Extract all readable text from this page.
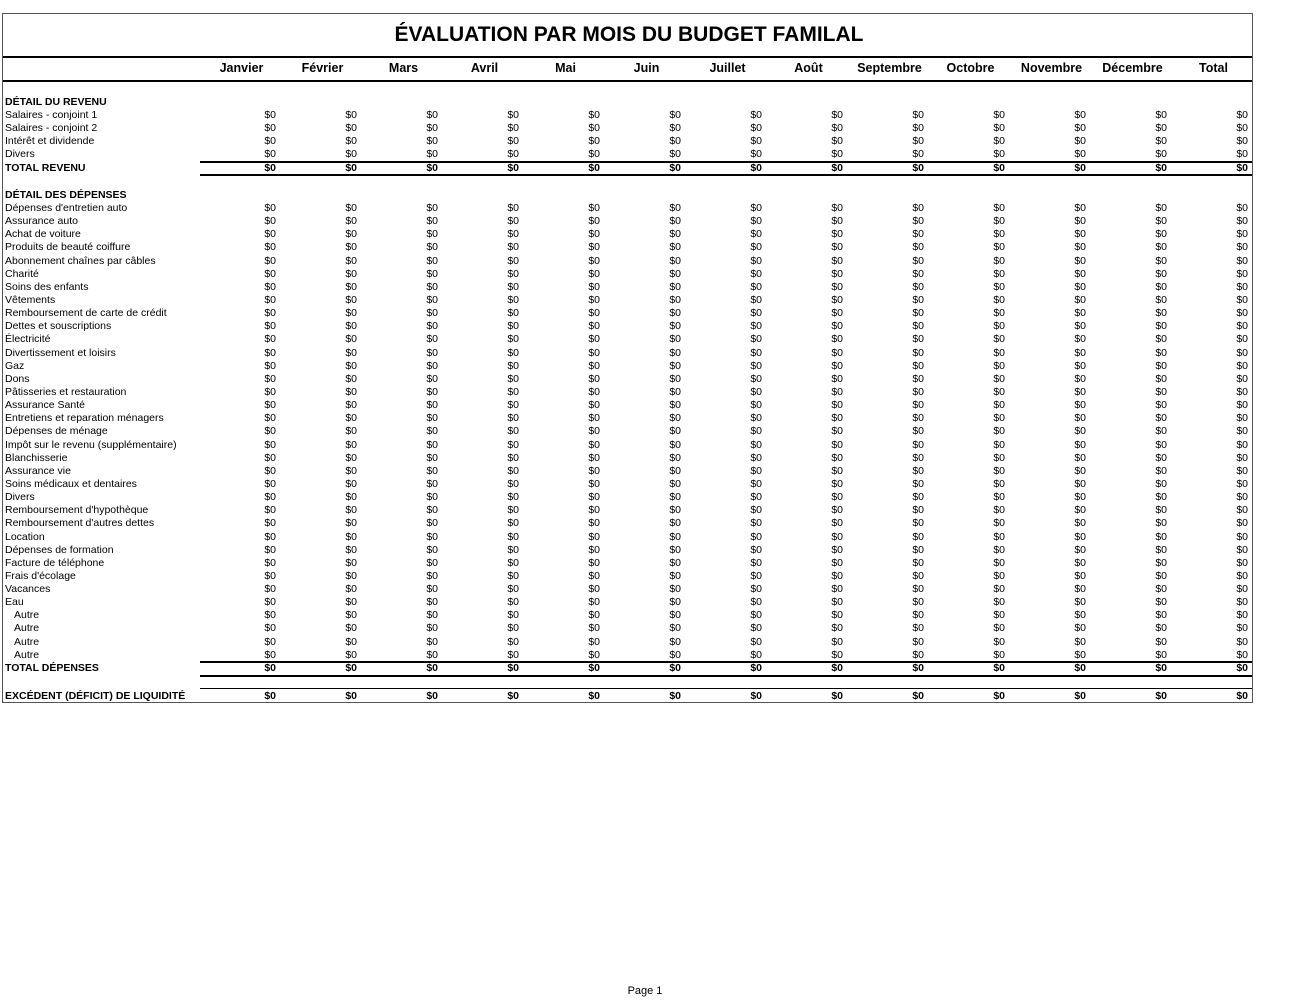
ÉVALUATION PAR MOIS DU BUDGET FAMILAL
Janvier	Février	Mars	Avril	Mai	Juin	Juillet	Août	Septembre	Octobre	Novembre	Décembre	Total
DÉTAIL DU REVENU
Salaires - conjoint 1	$0	$0	$0	$0	$0	$0	$0	$0	$0	$0	$0	$0	$0
Salaires - conjoint 2	$0	$0	$0	$0	$0	$0	$0	$0	$0	$0	$0	$0	$0
Intérêt et dividende	$0	$0	$0	$0	$0	$0	$0	$0	$0	$0	$0	$0	$0
Divers	$0	$0	$0	$0	$0	$0	$0	$0	$0	$0	$0	$0	$0
TOTAL REVENU	$0	$0	$0	$0	$0	$0	$0	$0	$0	$0	$0	$0	$0
DÉTAIL DES DÉPENSES
Dépenses d'entretien auto	$0	$0	$0	$0	$0	$0	$0	$0	$0	$0	$0	$0	$0
Assurance auto	$0	$0	$0	$0	$0	$0	$0	$0	$0	$0	$0	$0	$0
Achat de voiture	$0	$0	$0	$0	$0	$0	$0	$0	$0	$0	$0	$0	$0
Produits de beauté coiffure	$0	$0	$0	$0	$0	$0	$0	$0	$0	$0	$0	$0	$0
Abonnement chaînes par câbles	$0	$0	$0	$0	$0	$0	$0	$0	$0	$0	$0	$0	$0
Charité	$0	$0	$0	$0	$0	$0	$0	$0	$0	$0	$0	$0	$0
Soins des enfants	$0	$0	$0	$0	$0	$0	$0	$0	$0	$0	$0	$0	$0
Vêtements	$0	$0	$0	$0	$0	$0	$0	$0	$0	$0	$0	$0	$0
Remboursement de carte de crédit	$0	$0	$0	$0	$0	$0	$0	$0	$0	$0	$0	$0	$0
Dettes et souscriptions	$0	$0	$0	$0	$0	$0	$0	$0	$0	$0	$0	$0	$0
Électricité	$0	$0	$0	$0	$0	$0	$0	$0	$0	$0	$0	$0	$0
Divertissement et loisirs	$0	$0	$0	$0	$0	$0	$0	$0	$0	$0	$0	$0	$0
Gaz	$0	$0	$0	$0	$0	$0	$0	$0	$0	$0	$0	$0	$0
Dons	$0	$0	$0	$0	$0	$0	$0	$0	$0	$0	$0	$0	$0
Pâtisseries et restauration	$0	$0	$0	$0	$0	$0	$0	$0	$0	$0	$0	$0	$0
Assurance Santé	$0	$0	$0	$0	$0	$0	$0	$0	$0	$0	$0	$0	$0
Entretiens et reparation ménagers	$0	$0	$0	$0	$0	$0	$0	$0	$0	$0	$0	$0	$0
Dépenses de ménage	$0	$0	$0	$0	$0	$0	$0	$0	$0	$0	$0	$0	$0
Impôt sur le revenu (supplémentaire)	$0	$0	$0	$0	$0	$0	$0	$0	$0	$0	$0	$0	$0
Blanchisserie	$0	$0	$0	$0	$0	$0	$0	$0	$0	$0	$0	$0	$0
Assurance vie	$0	$0	$0	$0	$0	$0	$0	$0	$0	$0	$0	$0	$0
Soins médicaux et dentaires	$0	$0	$0	$0	$0	$0	$0	$0	$0	$0	$0	$0	$0
Divers	$0	$0	$0	$0	$0	$0	$0	$0	$0	$0	$0	$0	$0
Remboursement d'hypothèque	$0	$0	$0	$0	$0	$0	$0	$0	$0	$0	$0	$0	$0
Remboursement d'autres dettes	$0	$0	$0	$0	$0	$0	$0	$0	$0	$0	$0	$0	$0
Location	$0	$0	$0	$0	$0	$0	$0	$0	$0	$0	$0	$0	$0
Dépenses de formation	$0	$0	$0	$0	$0	$0	$0	$0	$0	$0	$0	$0	$0
Facture de téléphone	$0	$0	$0	$0	$0	$0	$0	$0	$0	$0	$0	$0	$0
Frais d'écolage	$0	$0	$0	$0	$0	$0	$0	$0	$0	$0	$0	$0	$0
Vacances	$0	$0	$0	$0	$0	$0	$0	$0	$0	$0	$0	$0	$0
Eau	$0	$0	$0	$0	$0	$0	$0	$0	$0	$0	$0	$0	$0
Autre	$0	$0	$0	$0	$0	$0	$0	$0	$0	$0	$0	$0	$0
Autre	$0	$0	$0	$0	$0	$0	$0	$0	$0	$0	$0	$0	$0
Autre	$0	$0	$0	$0	$0	$0	$0	$0	$0	$0	$0	$0	$0
Autre	$0	$0	$0	$0	$0	$0	$0	$0	$0	$0	$0	$0	$0
TOTAL DÉPENSES	$0	$0	$0	$0	$0	$0	$0	$0	$0	$0	$0	$0	$0
EXCÉDENT (DÉFICIT) DE LIQUIDITÉ	$0	$0	$0	$0	$0	$0	$0	$0	$0	$0	$0	$0	$0
Page 1
